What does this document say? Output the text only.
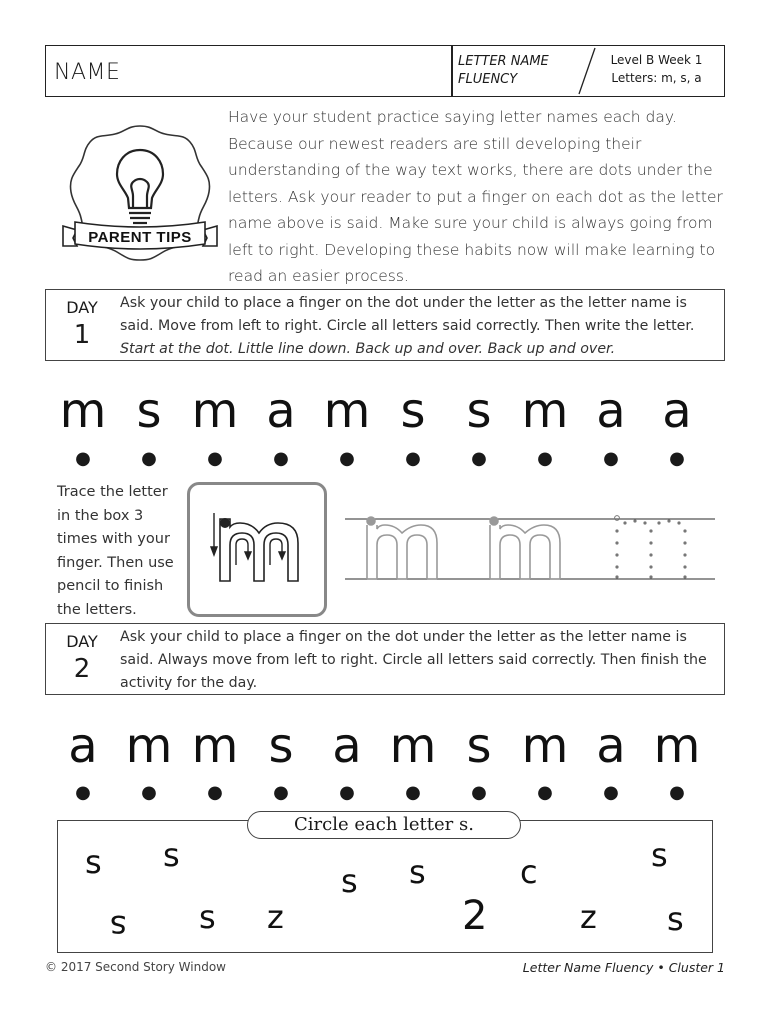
NAME	LETTER NAME
FLUENCY
Level B Week 1
Letters: m, s, a
PARENT TIPS
Have your student practice saying letter names each day. Because our newest readers are still developing their understanding of the way text works, there are dots under the letters. Ask your reader to put a finger on each dot as the letter name above is said. Make sure your child is always going from left to right. Developing these habits now will make learning to read an easier process.
DAY
1
Ask your child to place a finger on the dot under the letter as the letter name is said. Move from left to right. Circle all letters said correctly. Then write the letter.
Start at the dot. Little line down. Back up and over. Back up and over.
m s m a m s s m a a
●	●	●	●	●	●	●	●	●	●
Trace the letter in the box 3 times with your finger. Then use pencil to finish the letters.
DAY
2
Ask your child to place a finger on the dot under the letter as the letter name is said. Always move from left to right. Circle all letters said correctly. Then finish the activity for the day.
a m m s a m s m a m
●	●	●	●	●	●	●	●	●	●
Circle each letter s.
s s
s s	c	s
s s z	2	z s
© 2017 Second Story Window	Letter Name Fluency • Cluster 1
